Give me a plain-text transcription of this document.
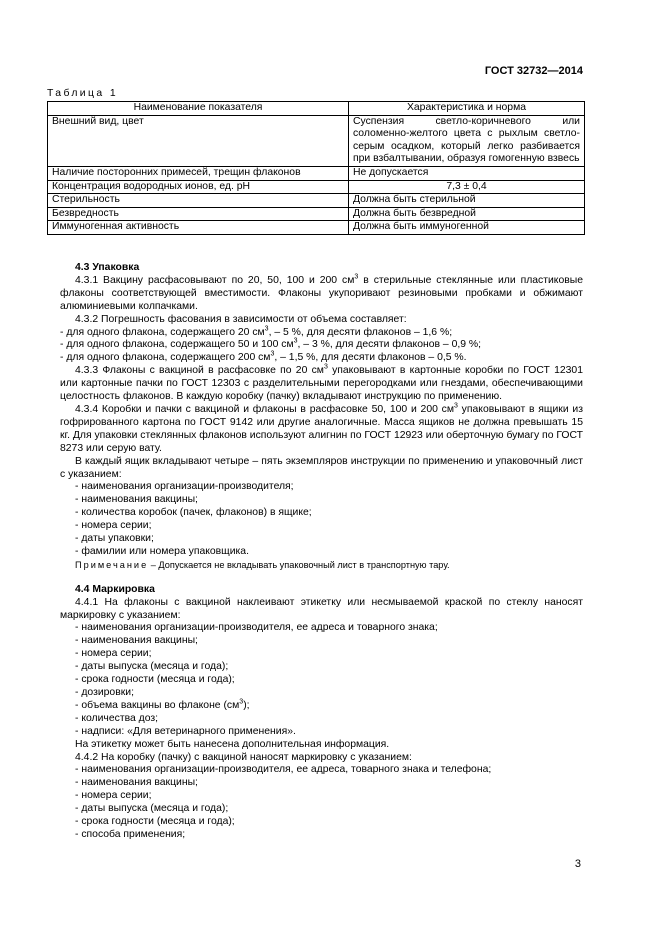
ГОСТ 32732—2014
Таблица 1
Наименование показателя	Характеристика и норма
Внешний вид, цвет	Суспензия светло-коричневого или соломенно-желтого цвета с рыхлым светло-серым осадком, который легко разбивается при взбалтывании, образуя гомогенную взвесь
Наличие посторонних примесей, трещин флаконов	Не допускается
Концентрация водородных ионов, ед. pH	7,3 ± 0,4
Стерильность	Должна быть стерильной
Безвредность	Должна быть безвредной
Иммуногенная активность	Должна быть иммуногенной

4.3 Упаковка

4.3.1 Вакцину расфасовывают по 20, 50, 100 и 200 $см^3$ в стерильные стеклянные или пластиковые флаконы соответствующей вместимости. Флаконы укупоривают резиновыми пробками и обжимают алюминиевыми колпачками.

4.3.2 Погрешность фасования в зависимости от объема составляет:

- для одного флакона, содержащего 20 $см^3$, – 5 %, для десяти флаконов – 1,6 %;

- для одного флакона, содержащего 50 и 100 $см^3$, – 3 %, для десяти флаконов – 0,9 %;

- для одного флакона, содержащего 200 $см^3$, – 1,5 %, для десяти флаконов – 0,5 %.

4.3.3 Флаконы с вакциной в расфасовке по 20 $см^3$ упаковывают в картонные коробки по ГОСТ 12301 или картонные пачки по ГОСТ 12303 с разделительными перегородками или гнездами, обеспечивающими целостность флаконов. В каждую коробку (пачку) вкладывают инструкцию по применению.

4.3.4 Коробки и пачки с вакциной и флаконы в расфасовке 50, 100 и 200 $см^3$ упаковывают в ящики из гофрированного картона по ГОСТ 9142 или другие аналогичные. Масса ящиков не должна превышать 15 кг. Для упаковки стеклянных флаконов используют алигнин по ГОСТ 12923 или оберточную бумагу по ГОСТ 8273 или серую вату.

В каждый ящик вкладывают четыре – пять экземпляров инструкции по применению и упаковочный лист с указанием:

- наименования организации-производителя;

- наименования вакцины;

- количества коробок (пачек, флаконов) в ящике;

- номера серии;

- даты упаковки;

- фамилии или номера упаковщика.

Примечание – Допускается не вкладывать упаковочный лист в транспортную тару.

4.4 Маркировка

4.4.1 На флаконы с вакциной наклеивают этикетку или несмываемой краской по стеклу наносят маркировку с указанием:

- наименования организации-производителя, ее адреса и товарного знака;

- наименования вакцины;

- номера серии;

- даты выпуска (месяца и года);

- срока годности (месяца и года);

- дозировки;

- объема вакцины во флаконе $(см^3)$;

- количества доз;

- надписи: «Для ветеринарного применения».

На этикетку может быть нанесена дополнительная информация.

4.4.2 На коробку (пачку) с вакциной наносят маркировку с указанием:

- наименования организации-производителя, ее адреса, товарного знака и телефона;

- наименования вакцины;

- номера серии;

- даты выпуска (месяца и года);

- срока годности (месяца и года);

- способа применения;

3
